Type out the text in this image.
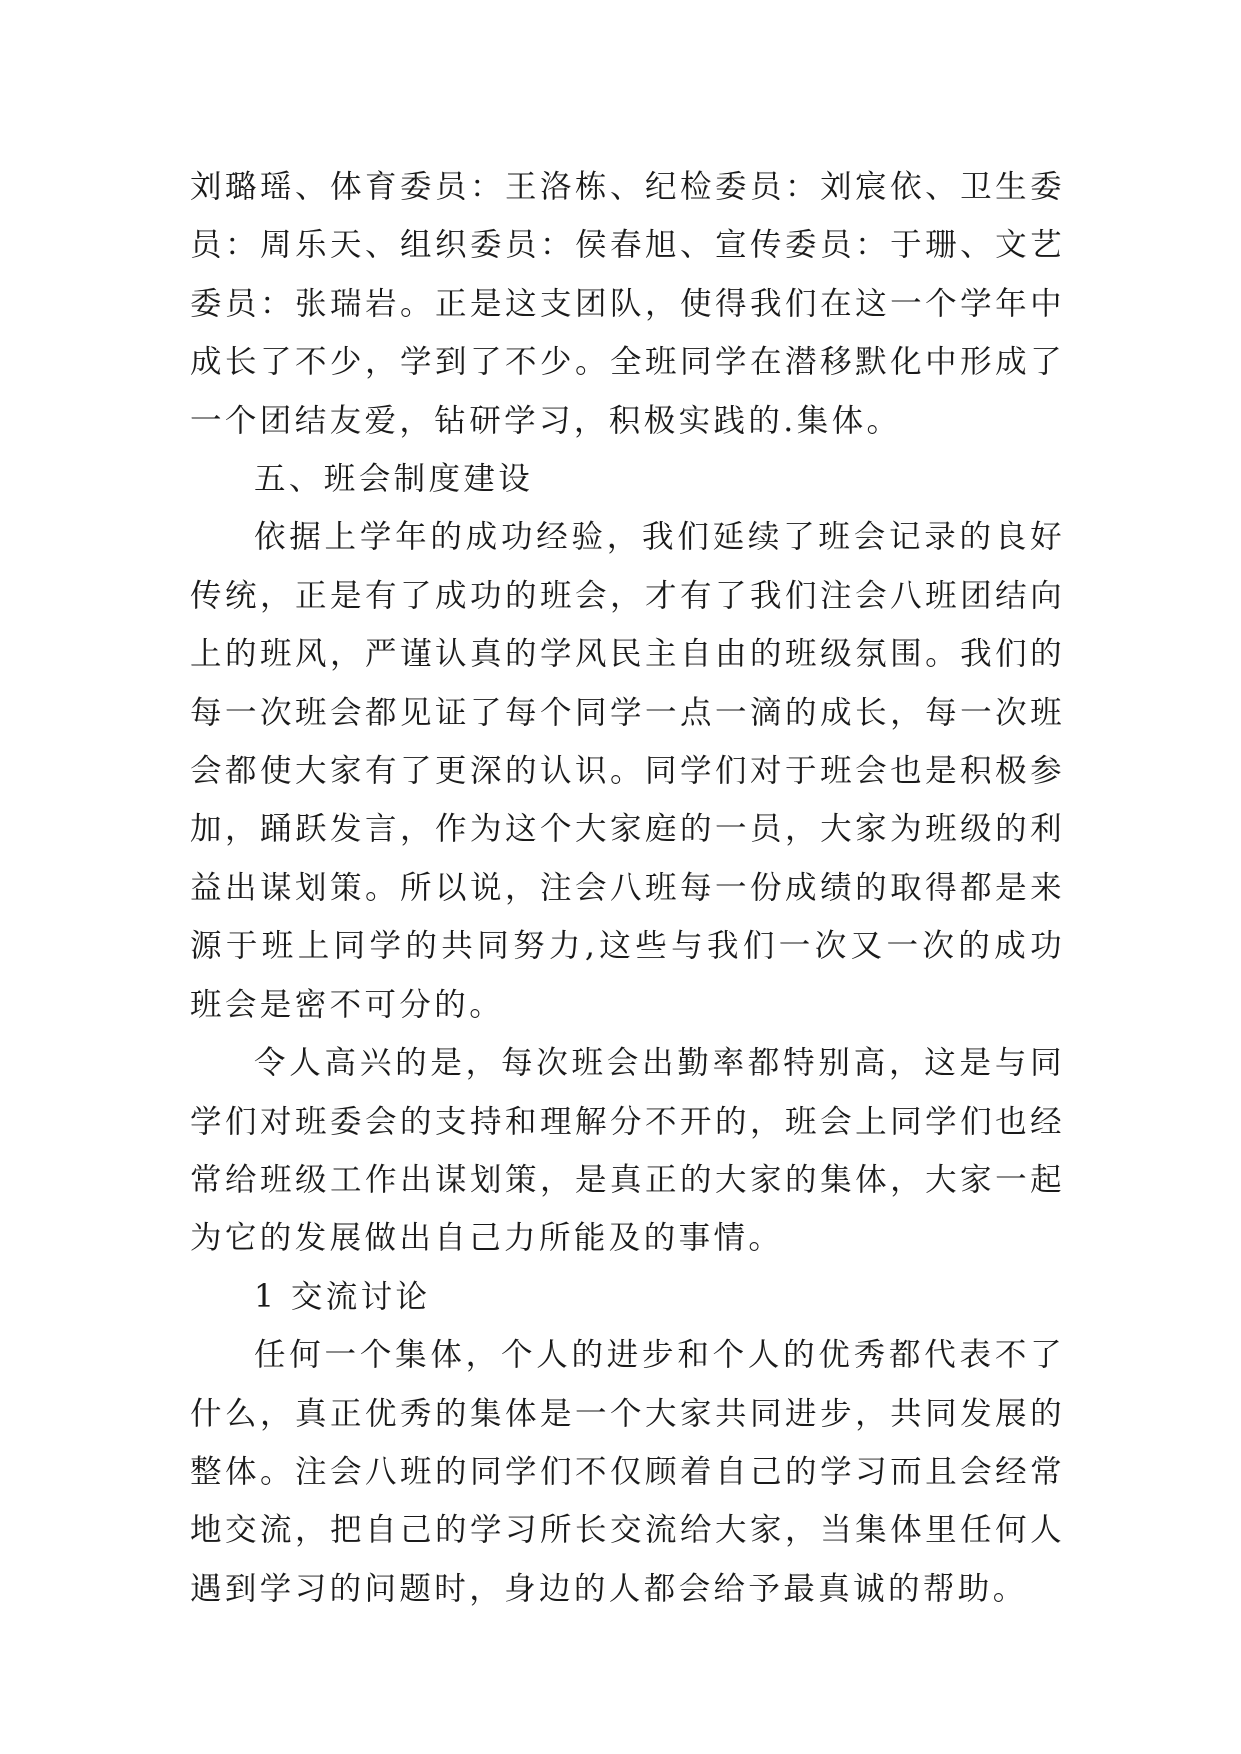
刘璐瑶、体育委员：王洛栋、纪检委员：刘宸依、卫生委员：周乐天、组织委员：侯春旭、宣传委员：于珊、文艺委员：张瑞岩。正是这支团队，使得我们在这一个学年中成长了不少，学到了不少。全班同学在潜移默化中形成了一个团结友爱，钻研学习，积极实践的.集体。

五、班会制度建设

依据上学年的成功经验，我们延续了班会记录的良好传统，正是有了成功的班会，才有了我们注会八班团结向上的班风，严谨认真的学风民主自由的班级氛围。我们的每一次班会都见证了每个同学一点一滴的成长，每一次班会都使大家有了更深的认识。同学们对于班会也是积极参加，踊跃发言，作为这个大家庭的一员，大家为班级的利益出谋划策。所以说，注会八班每一份成绩的取得都是来源于班上同学的共同努力,这些与我们一次又一次的成功班会是密不可分的。

令人高兴的是，每次班会出勤率都特别高，这是与同学们对班委会的支持和理解分不开的，班会上同学们也经常给班级工作出谋划策，是真正的大家的集体，大家一起为它的发展做出自己力所能及的事情。

1 交流讨论

任何一个集体，个人的进步和个人的优秀都代表不了什么，真正优秀的集体是一个大家共同进步，共同发展的整体。注会八班的同学们不仅顾着自己的学习而且会经常地交流，把自己的学习所长交流给大家，当集体里任何人遇到学习的问题时，身边的人都会给予最真诚的帮助。
